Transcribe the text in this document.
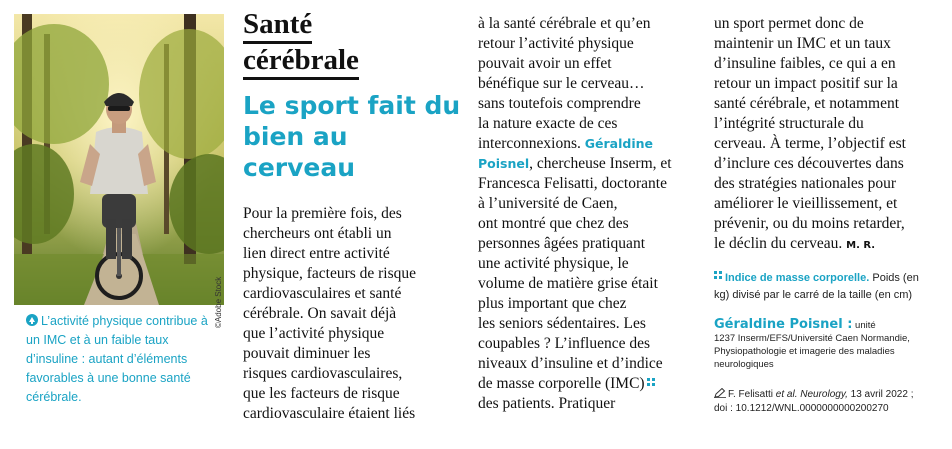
©Adobe Stock
L’activité physique contribue à un IMC et à un faible taux d’insuline : autant d’éléments favorables à une bonne santé cérébrale.
Santé
cérébrale
Le sport fait du bien au cerveau
Pour la première fois, des
chercheurs ont établi un
lien direct entre activité
physique, facteurs de risque
cardiovasculaires et santé
cérébrale. On savait déjà
que l’activité physique
pouvait diminuer les
risques cardiovasculaires,
que les facteurs de risque
cardiovasculaire étaient liés
à la santé cérébrale et qu’en
retour l’activité physique
pouvait avoir un effet
bénéfique sur le cerveau…
sans toutefois comprendre
la nature exacte de ces
interconnexions. Géraldine
Poisnel, chercheuse Inserm, et
Francesca Felisatti, doctorante
à l’université de Caen,
ont montré que chez des
personnes âgées pratiquant
une activité physique, le
volume de matière grise était
plus important que chez
les seniors sédentaires. Les
coupables ? L’influence des
niveaux d’insuline et d’indice
de masse corporelle (IMC)
des patients. Pratiquer
un sport permet donc de
maintenir un IMC et un taux
d’insuline faibles, ce qui a en
retour un impact positif sur la
santé cérébrale, et notamment
l’intégrité structurale du
cerveau. À terme, l’objectif est
d’inclure ces découvertes dans
des stratégies nationales pour
améliorer le vieillissement, et
prévenir, ou du moins retarder,
le déclin du cerveau. M. R.
Indice de masse corporelle. Poids (en
kg) divisé par le carré de la taille (en cm)
Géraldine Poisnel : unité
1237 Inserm/EFS/Université Caen Normandie,
Physiopathologie et imagerie des maladies
neurologiques
F. Felisatti et al. Neurology, 13 avril 2022 ;
doi : 10.1212/WNL.0000000000200270
